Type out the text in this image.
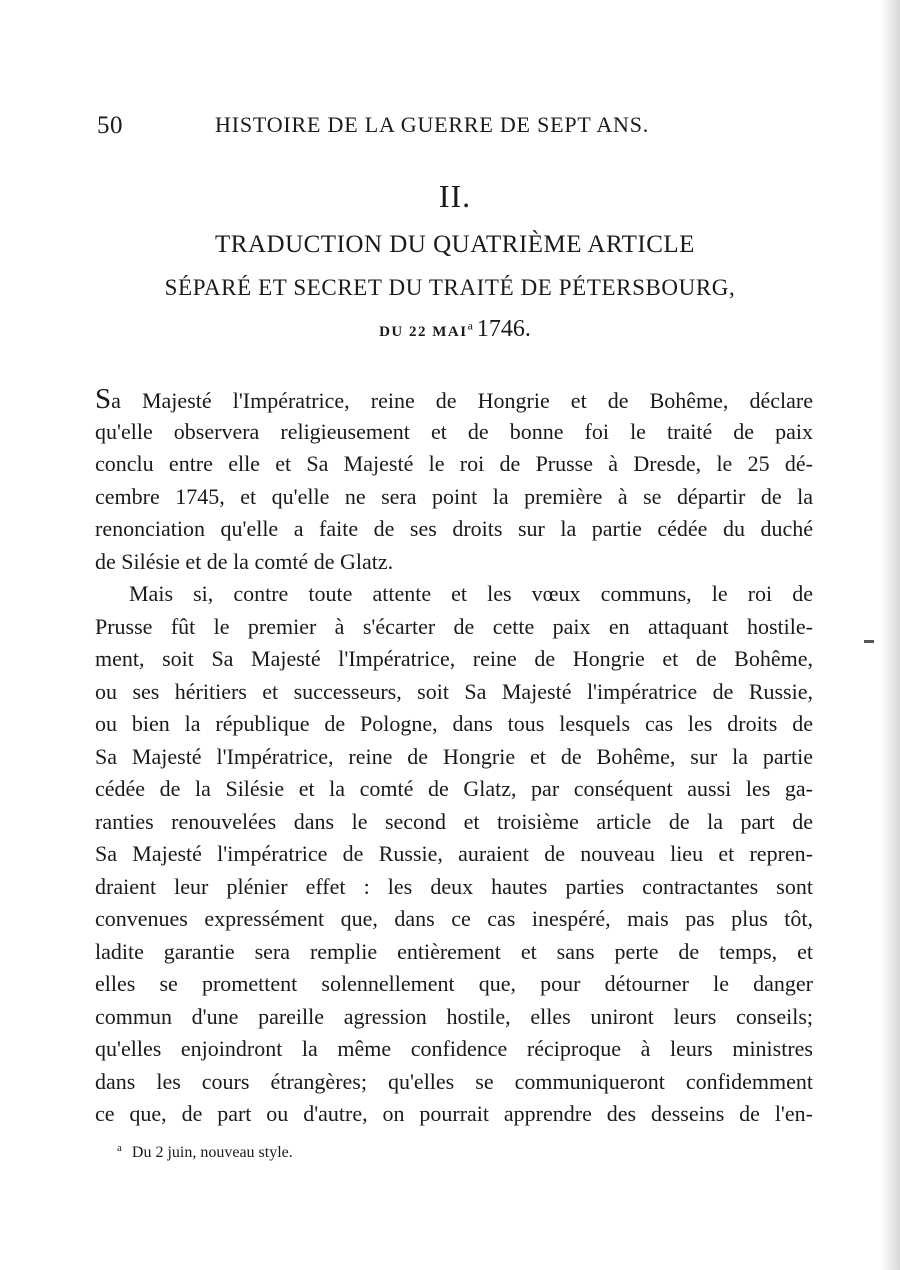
50	HISTOIRE DE LA GUERRE DE SEPT ANS.
II.
TRADUCTION DU QUATRIÈME ARTICLE
SÉPARÉ ET SECRET DU TRAITÉ DE PÉTERSBOURG,
DU 22 MAI$^a$ 1746.
Sa Majesté l'Impératrice, reine de Hongrie et de Bohême, déclare
qu'elle observera religieusement et de bonne foi le traité de paix
conclu entre elle et Sa Majesté le roi de Prusse à Dresde, le 25 dé-
cembre 1745, et qu'elle ne sera point la première à se départir de la
renonciation qu'elle a faite de ses droits sur la partie cédée du duché
de Silésie et de la comté de Glatz.
Mais si, contre toute attente et les vœux communs, le roi de
Prusse fût le premier à s'écarter de cette paix en attaquant hostile-
ment, soit Sa Majesté l'Impératrice, reine de Hongrie et de Bohême,
ou ses héritiers et successeurs, soit Sa Majesté l'impératrice de Russie,
ou bien la république de Pologne, dans tous lesquels cas les droits de
Sa Majesté l'Impératrice, reine de Hongrie et de Bohême, sur la partie
cédée de la Silésie et la comté de Glatz, par conséquent aussi les ga-
ranties renouvelées dans le second et troisième article de la part de
Sa Majesté l'impératrice de Russie, auraient de nouveau lieu et repren-
draient leur plénier effet : les deux hautes parties contractantes sont
convenues expressément que, dans ce cas inespéré, mais pas plus tôt,
ladite garantie sera remplie entièrement et sans perte de temps, et
elles se promettent solennellement que, pour détourner le danger
commun d'une pareille agression hostile, elles uniront leurs conseils;
qu'elles enjoindront la même confidence réciproque à leurs ministres
dans les cours étrangères; qu'elles se communiqueront confidemment
ce que, de part ou d'autre, on pourrait apprendre des desseins de l'en-
$^a$ Du 2 juin, nouveau style.
